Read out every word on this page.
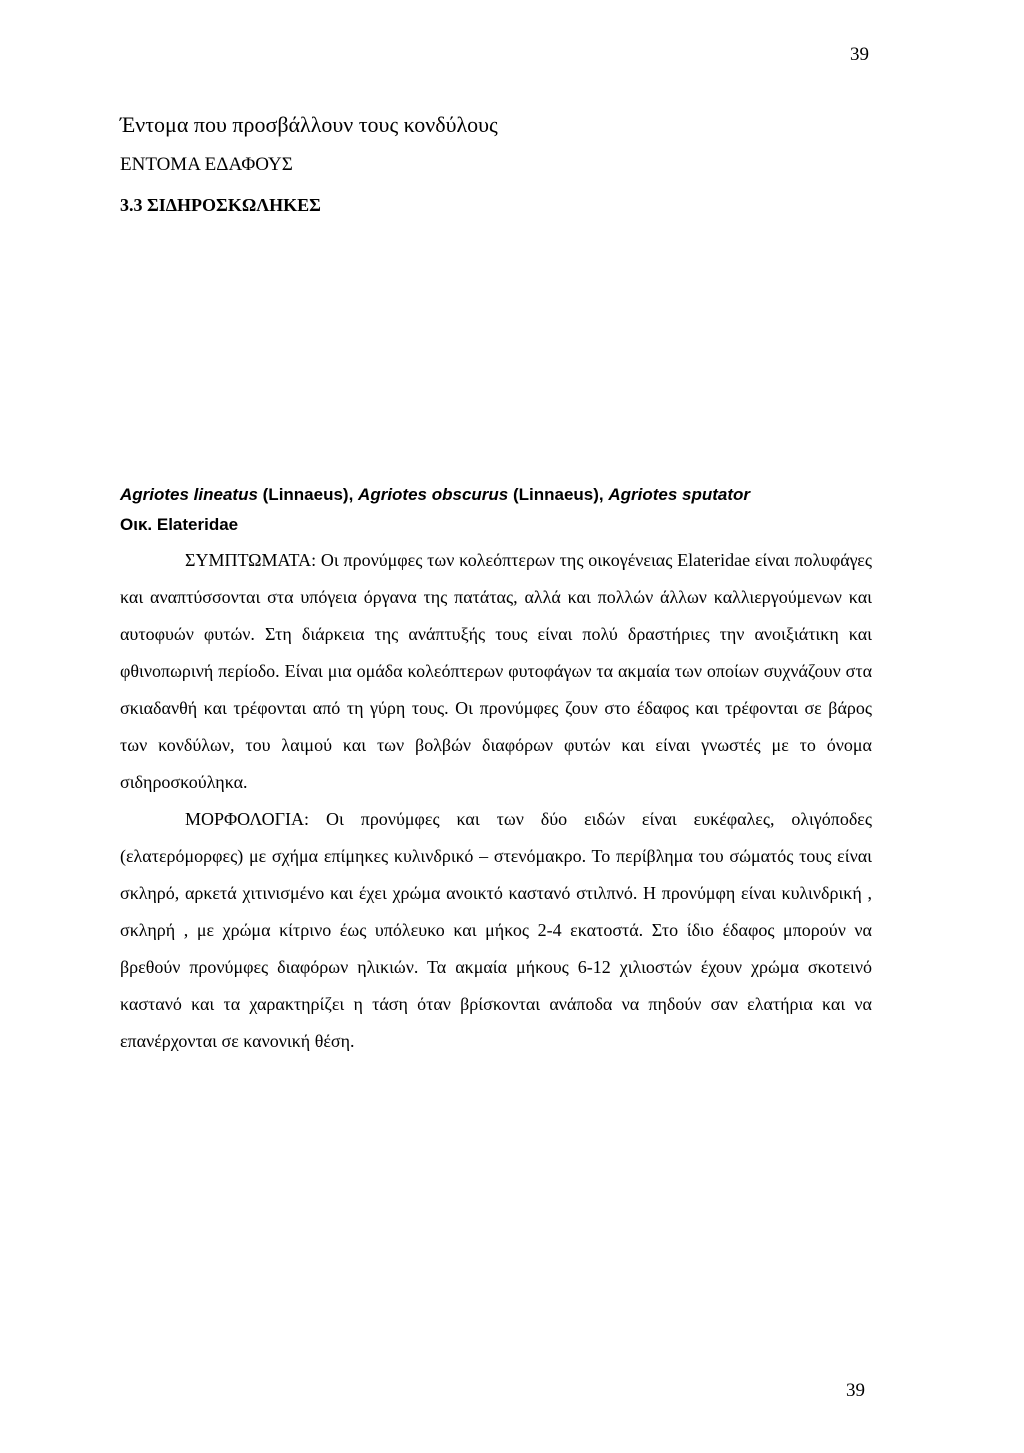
39
Έντομα που προσβάλλουν τους κονδύλους
ΕΝΤΟΜΑ ΕΔΑΦΟΥΣ
3.3 ΣΙΔΗΡΟΣΚΩΛΗΚΕΣ

Agriotes lineatus (Linnaeus), Agriotes obscurus (Linnaeus), Agriotes sputator

Οικ. Elateridae

ΣΥΜΠΤΩΜΑΤΑ: Οι προνύμφες των κολεόπτερων της οικογένειας Elateridae είναι πολυφάγες και αναπτύσσονται στα υπόγεια όργανα της πατάτας, αλλά και πολλών άλλων καλλιεργούμενων και αυτοφυών φυτών. Στη διάρκεια της ανάπτυξής τους είναι πολύ δραστήριες την ανοιξιάτικη και φθινοπωρινή περίοδο. Είναι μια ομάδα κολεόπτερων φυτοφάγων τα ακμαία των οποίων συχνάζουν στα σκιαδανθή και τρέφονται από τη γύρη τους. Οι προνύμφες ζουν στο έδαφος και τρέφονται σε βάρος των κονδύλων, του λαιμού και των βολβών διαφόρων φυτών και είναι γνωστές με το όνομα σιδηροσκούληκα.

ΜΟΡΦΟΛΟΓΙΑ: Οι προνύμφες και των δύο ειδών είναι ευκέφαλες, ολιγόποδες (ελατερόμορφες) με σχήμα επίμηκες κυλινδρικό – στενόμακρο. Το περίβλημα του σώματός τους είναι σκληρό, αρκετά χιτινισμένο και έχει χρώμα ανοικτό καστανό στιλπνό. Η προνύμφη είναι κυλινδρική , σκληρή , με χρώμα κίτρινο έως υπόλευκο και μήκος 2-4 εκατοστά. Στο ίδιο έδαφος μπορούν να βρεθούν προνύμφες διαφόρων ηλικιών. Τα ακμαία μήκους 6-12 χιλιοστών έχουν χρώμα σκοτεινό καστανό και τα χαρακτηρίζει η τάση όταν βρίσκονται ανάποδα να πηδούν σαν ελατήρια και να επανέρχονται σε κανονική θέση.

39
